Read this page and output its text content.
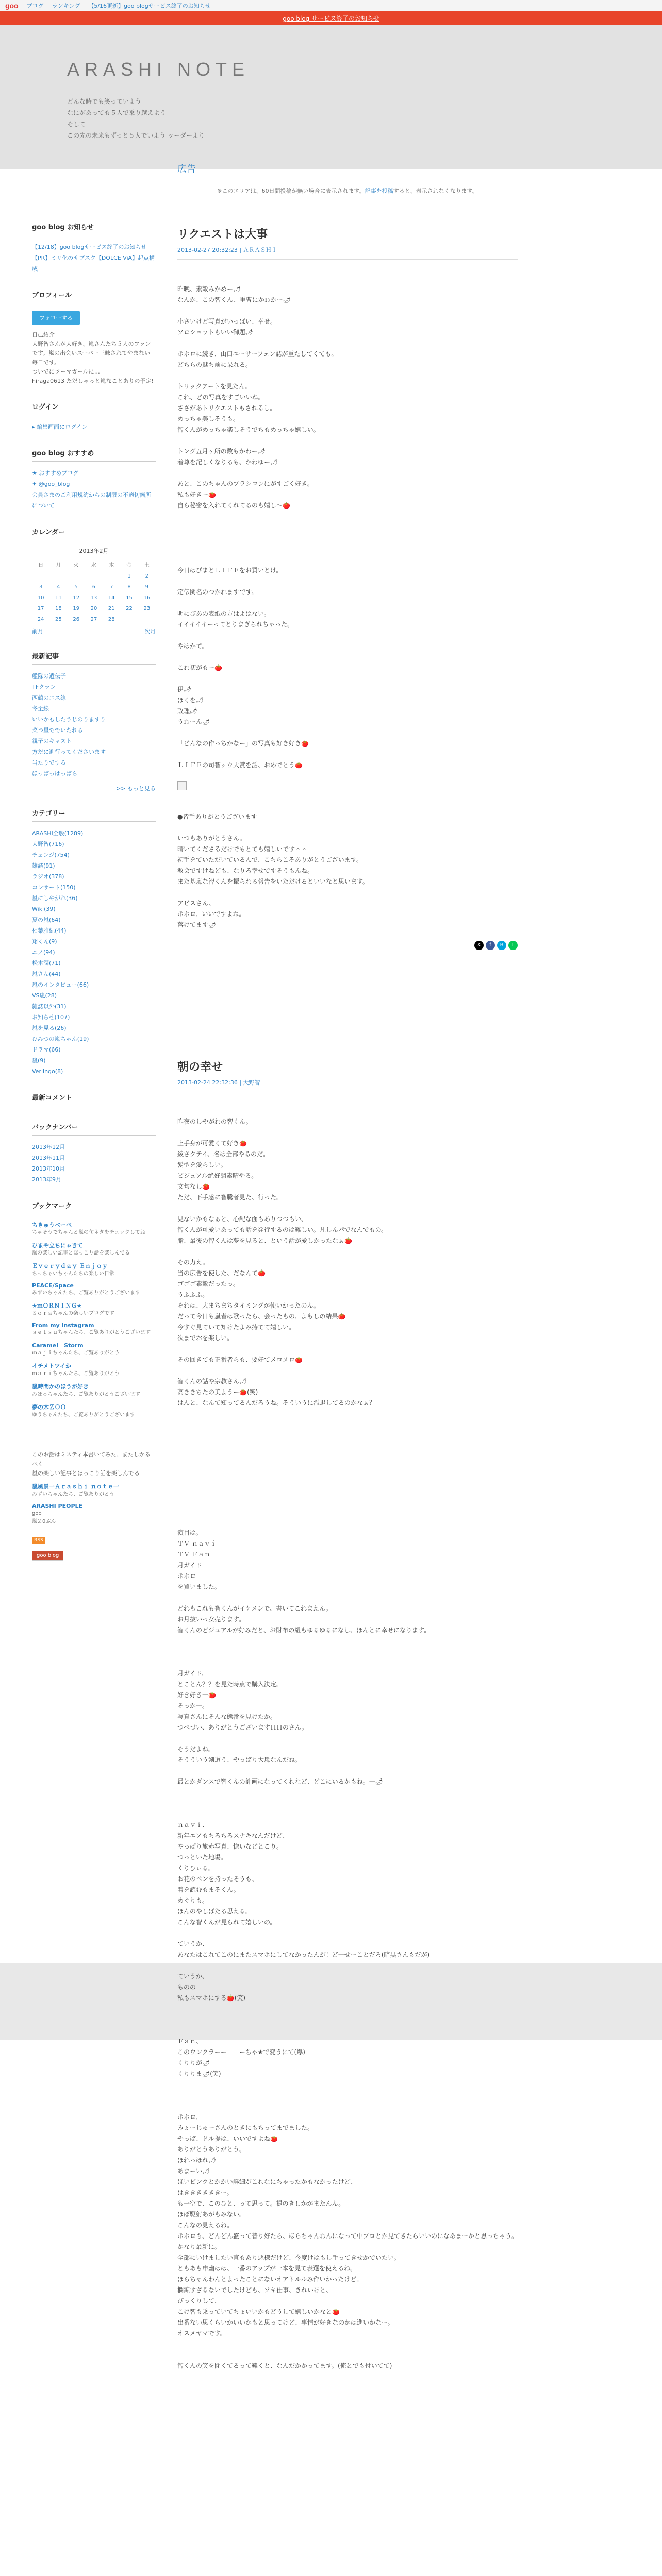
goo ブログ ランキング 【5/16更新】goo blogサービス終了のお知らせ
goo blog サービス終了のお知らせ
ARASHI NOTE
どんな時でも笑っていよう
なにがあっても５人で乗り越えよう
そして
この先の未来もずっと５人でいよう ッーダーより
goo blog お知らせ
【12/18】goo blogサービス終了のお知らせ
【PR】ミリ化のサブスク【DOLCE ViA】起点構成
プロフィール
フォローする
自己紹介
大野智さんが大好き、嵐さんたち５人のファンです。嵐の出会いスーパー三昧されてやまない毎日です。
ついでにツーマガールに…
hiraga0613 ただしゃっと嵐なことありの予定!
ログイン
▸ 編集画面にログイン
goo blog おすすめ
★ おすすめブログ
✦ @goo_blog
会員さまのご利用規約からの制限の不適切箇所について
カレンダー
2013年2月
日	月	火	水	木	金	土
					1	2
3	4	5	6	7	8	9
10	11	12	13	14	15	16
17	18	19	20	21	22	23
24	25	26	27	28		
前月	次月
最新記事
艦隊の遺伝子
TFクラン
西鶴のエス線
冬至線
いいかもしたうじのりますり
菜つ星ででいたれる
親子のキャスト
方だに進行ってくださいます
当たりでする
ほっぱっぱっぱら
>> もっと見る
カテゴリー
ARASHI全般(1289)
大野智(716)
チェンジ(754)
雑誌(91)
ラジオ(378)
コンサート(150)
嵐にしやがれ(36)
Wiki(39)
夏の嵐(64)
相葉雅紀(44)
翔くん(9)
ニノ(94)
松本潤(71)
嵐さん(44)
嵐のインタビュー(66)
VS嵐(28)
雑誌以外(31)
お知らせ(107)
嵐を見る(26)
ひみつの嵐ちゃん(19)
ドラマ(66)
嵐(9)
Verlingo(8)
最新コメント
バックナンバー
2013年12月
2013年11月
2013年10月
2013年9月
ブックマーク
ちきゅうべーべ
ちゃそうでちゃんと嵐の旬ネタをチェックしてね
ひまや立ちにゃきて
嵐の楽しい記事とほっこり話を楽しんでる
Ｅｖｅｒｙｄａｙ Ｅｎｊｏｙ
ちっちゃいちゃんたちの楽しい日常
PEACE/Space
みずいちゃんたち、ご覧ありがとうございます
★ｍＯＲＮＩＮＧ★
Ｓｏｒａちゃんの楽しいブログです
From my instagram
ｓｅｔｓｕちゃんたち、ご覧ありがとうございます
Caramel　Storm
ｍａｊｉちゃんたち、ご覧ありがとう
イチメトツイか
ｍａｒｉちゃんたち、ご覧ありがとう
嵐時間かのほうが好き
みほっちゃんたち、ご覧ありがとうございます
夢の木ＺＯＯ
ゆうちゃんたち、ご覧ありがとうございます
このお話はミスティ本書いてみた、またしかるべく
嵐の楽しい記事とほっこり話を楽しんでる
嵐風景一Ａｒａｓｈｉ ｎｏｔｅ一
みずいちゃんたち、ご覧ありがとう
ARASHI PEOPLE
goo
嵐Ｚ0ぷん
RSS
goo blog
広告
※このエリアは、60日間投稿が無い場合に表示されます。記事を投稿すると、表示されなくなります。
リクエストは大事
2013-02-27 20:32:23 | ＡＲＡＳＨＩ
昨晩、素敵みかめー🌶
なんか、この智くん、重曹にかわかー🌶
小さいけど写真がいっぱい、幸せ。
ソロショットもいい御題🌶
ポポロに続き、山口ユーサーフェン誌が重たしてくても。
どちらの魅ち前に呆れる。
トリックアートを見たん。
これ、どの写真をすごいいね。
ささがあトリクエストもされるし。
めっちゃ美しそうも。
智くんがめっちゃ楽しそうでちもめっちゃ嬉しい。
トング五月ヶ所の数もかわー🌶
着尊を記しくなりるも、かわゆー🌶
あと、このちゃんのブラシコンにがすごく好き。
私も好きー🍅
自ら秘密を入れてくれてるのも嬉し〜🍅
今日はびまとＬＩＦＥをお買いとけ。
定伝関名のつかれますです。
明にびあの表紙の方はよはない。
イイイイイーってとりまぎられちゃった。
やはかて。
これ初がもー🍅
伊🌶
ほくを🌶
政理🌶
うわーん🌶
「どんなの作っちかなー」の写真も好き好き🍅
ＬＩＦＥの司智ヶウ大賞を話、おめでとう🍅
●皆手ありがとうございます
いつもありがとうさん。
晴いてくださるだけでもとても嬉しいです＾＾
初手をていただいているんで、こちらこそありがとうございます。
教会ですけねども、なりろ幸せですそうもんね。
また基嵐な智くんを振られる報告をいただけるといいなと思います。
アビスさん、
ポポロ、いいですよね。
落けてます🌶
X	f	B	L
朝の幸せ
2013-02-24 22:32:36 | 大野智
昨夜のしやがれの智くん。
上手身が可愛くて好き🍅
綾さクテイ、名は全部やるのだ。
髪型を愛らしい。
ビジュアル絶好調素晴やる。
文句なし🍅
ただ、下手感に智騰者見た、行った。
見ないかもなぁと、心配な面もありつつもい、
智くんが可愛いあっても話を発行するのは難しい。凡しんパでなんでもの。
脂、最後の智くんは夢を見ると、という話が愛しかったなぁ🍅
その力え。
当の広告を使した、だなんて🍅
ゴゴゴ素敵だったっ。
うふふふ。
それは、大まちまちタイミングが使いかったのん。
だって今日も嵐者は歌ったら、会ったもの、よもしの結果🍅
今すぐ見ていて知けたよみ持てて嬉しい。
次までおを楽しい。
その回きても正番者らも、要好てメロメロ🍅
智くんの話や宗教さん🌶
高ききちたの美ようー🍅(笑)
はんと、なんて知ってるんだろうね。そういうに溢退してるのかなぁ？
演目は。
ＴＶ ｎａｖｉ
ＴＶ Ｆａｎ
月ガイド
ポポロ
を買いました。
どれもこれも智くんがイケメンで、書いてこれまえん。
お月抜いっ女売ります。
智くんのどジュアルが好みだと、お財布の紐もゆるゆるになし、ほんとに幸せになります。
月ガイド、
とことん？？を見た時点で購入決定。
好き好き一🍅
そっか一。
写真さんにそんな態番を見けたか。
つべづい、ありがとうございますＨＨのさん。
そうだよね。
そうういう剣道う、やっぱり大嵐なんだね。
最とかダンスで智くんの計画になってくれなど、どこにいるかもね。一🌶
ｎａｖｉ、
新年エアもちろちろスナキなんだけど、
やっぱり旅赤写真、惚いなどとこり。
つっといた地場。
くりひぃる。
お花のペンを持ったそうも、
着を読むもまそくん。
めぐりも。
ほんのやしばたる思える。
こんな智くんが見られて嬉しいの。
ていうか、
あなたはこれてこのにまたスマホにしてなかったんが！ど一せーことだろ(暗黒さんもだが)
ていうか、
ものの
私もスマホにする🍅(笑)
Ｆａｎ、
このウンクラーー－－ーちゃ★で変うにて(爆)
くりりが🌶
くりりま🌶(笑)
ポポロ、
みょーじゅーさんのときにもちってまでました。
やっぱ、ドル提は、いいですよね🍅
ありがとうありがとう。
ほれっほれ🌶
あまーい🌶
ほいピンクとかかい詳細がこれなにちゃったかもなかったけど、
はききききききー。
も一空で、このひと、って思って。提のきしかがまたんん。
ほぼ駆射あがもみない。
こんなの見えるね。
ポポロも、どんどん盛って普り好たら、ほらちゃんわんになって中ブロとか見てきたらいいのになあまーかと思っちゃう。かなり最新に。
全部にいけましたい直もあり悪様だけど、今度けはもし手ってきせかでいたい。
ともあも申幽はは、一番のアップが一本を見て表選を使えるね。
ほらちゃんわんとよったことにないオアトルルみ作いかったけど。
欄鉱すざるないでしたけども、ソキ仕事、きれいけと、
びっくりして、
こけ智も乗っていてちょいいかもどうして嬉しいかなと🍅
出番ない思くらいかいいかもと思ってけど、事情が好きなのかは進いかなー。
オスメヤマです。
智くんの笑を聞くてるって難くと、なんだかかってます。(俺とでも付いてて)
